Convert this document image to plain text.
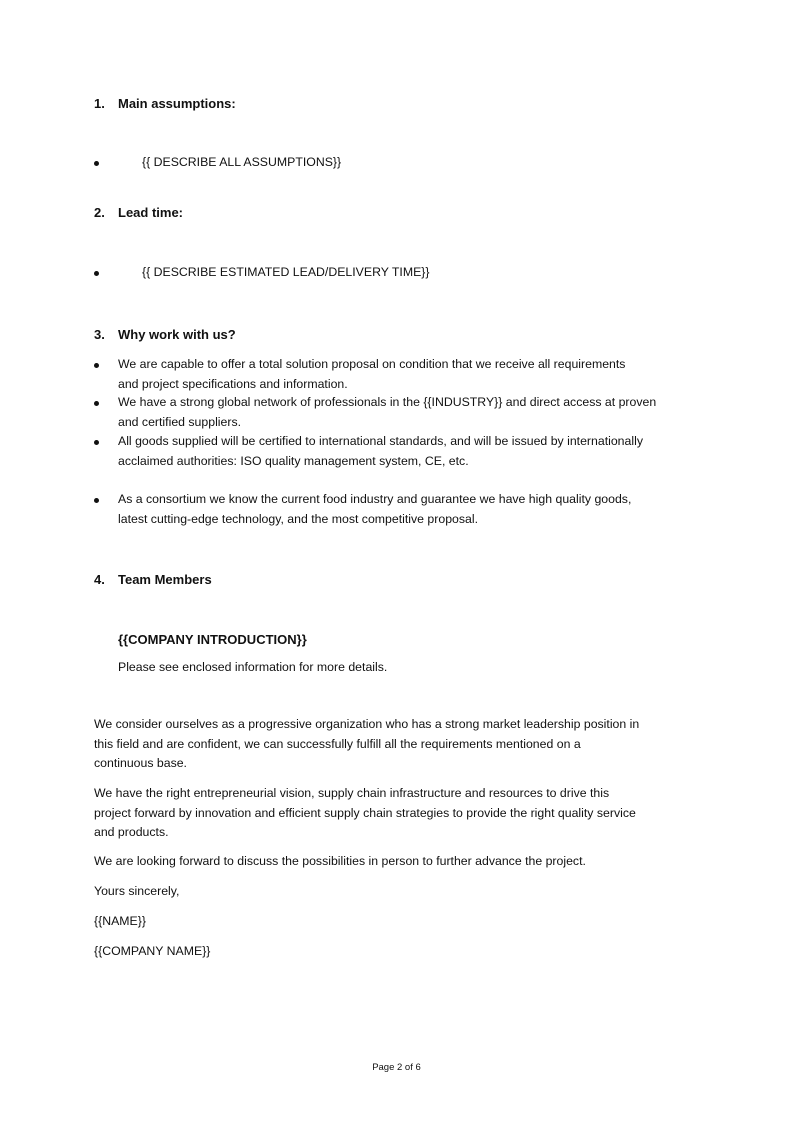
1. Main assumptions:
{{ DESCRIBE ALL ASSUMPTIONS}}
2. Lead time:
{{ DESCRIBE ESTIMATED LEAD/DELIVERY TIME}}
3. Why work with us?
We are capable to offer a total solution proposal on condition that we receive all requirements
and project specifications and information.
We have a strong global network of professionals in the {{INDUSTRY}} and direct access at proven
and certified suppliers.
All goods supplied will be certified to international standards, and will be issued by internationally
acclaimed authorities: ISO quality management system, CE, etc.
As a consortium we know the current food industry and guarantee we have high quality goods,
latest cutting-edge technology, and the most competitive proposal.
4. Team Members
{{COMPANY INTRODUCTION}}
Please see enclosed information for more details.
We consider ourselves as a progressive organization who has a strong market leadership position in
this field and are confident, we can successfully fulfill all the requirements mentioned on a
continuous base.
We have the right entrepreneurial vision, supply chain infrastructure and resources to drive this
project forward by innovation and efficient supply chain strategies to provide the right quality service
and products.
We are looking forward to discuss the possibilities in person to further advance the project.
Yours sincerely,
{{NAME}}
{{COMPANY NAME}}
Page 2 of 6
